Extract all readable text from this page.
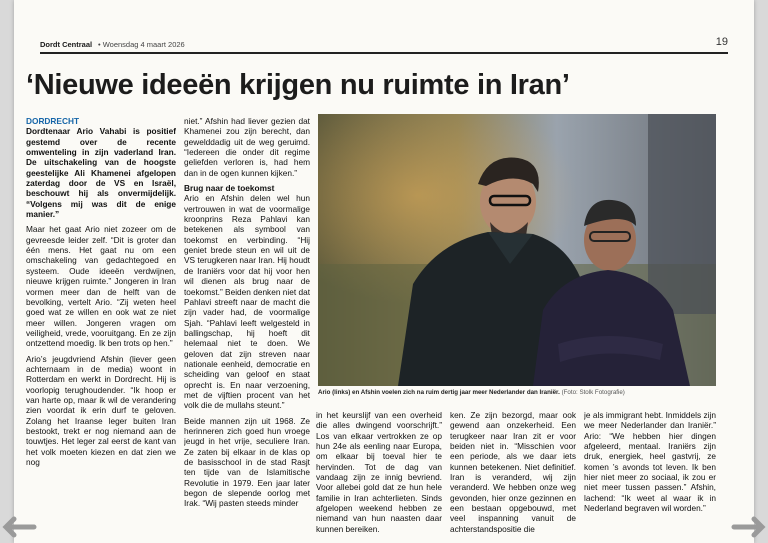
Dordt Centraal • Woensdag 4 maart 2026	19
‘Nieuwe ideeën krijgen nu ruimte in Iran’
DORDRECHT

Dordtenaar Ario Vahabi is positief gestemd over de recente omwenteling in zijn vaderland Iran. De uitschakeling van de hoogste geestelijke Ali Khamenei afgelopen zaterdag door de VS en Israël, beschouwt hij als onvermijdelijk. “Volgens mij was dit de enige manier.”

Maar het gaat Ario niet zozeer om de gevreesde leider zelf. “Dit is groter dan één mens. Het gaat nu om een omschakeling van gedachtegoed en systeem. Oude ideeën verdwijnen, nieuwe krijgen ruimte.” Jongeren in Iran vormen meer dan de helft van de bevolking, vertelt Ario. “Zij weten heel goed wat ze willen en ook wat ze niet meer willen. Jongeren vragen om veiligheid, vrede, vooruitgang. En ze zijn ontzettend moedig. Ik ben trots op hen.”

Ario’s jeugdvriend Afshin (liever geen achternaam in de media) woont in Rotterdam en werkt in Dordrecht. Hij is voorlopig terughoudender. “Ik hoop er van harte op, maar ik wil de verandering zien voordat ik erin durf te geloven. Zolang het Iraanse leger buiten Iran bestookt, trekt er nog niemand aan de touwtjes. Het leger zal eerst de kant van het volk moeten kiezen en dat zien we nog

niet.” Afshin had liever gezien dat Khamenei zou zijn berecht, dan gewelddadig uit de weg geruimd. “Iedereen die onder dit regime geliefden verloren is, had hem dan in de ogen kunnen kijken.”

Brug naar de toekomst

Ario en Afshin delen wel hun vertrouwen in wat de voormalige kroonprins Reza Pahlavi kan betekenen als symbool van toekomst en verbinding. “Hij geniet brede steun en wil uit de VS terugkeren naar Iran. Hij houdt de Iraniërs voor dat hij voor hen wil dienen als brug naar de toekomst.” Beiden denken niet dat Pahlavi streeft naar de macht die zijn vader had, de voormalige Sjah. “Pahlavi leeft welgesteld in ballingschap, hij hoeft dit helemaal niet te doen. We geloven dat zijn streven naar nationale eenheid, democratie en scheiding van geloof en staat oprecht is. En naar verzoening, met de vijftien procent van het volk die de mullahs steunt.”

Beide mannen zijn uit 1968. Ze herinneren zich goed hun vroege jeugd in het vrije, seculiere Iran. Ze zaten bij elkaar in de klas op de basisschool in de stad Rasjt ten tijde van de Islamitische Revolutie in 1979. Een jaar later begon de slepende oorlog met Irak. “Wij pasten steeds minder

Ario (links) en Afshin voelen zich na ruim dertig jaar meer Nederlander dan Iraniër. (Foto: Stolk Fotografie)

in het keurslijf van een overheid die alles dwingend voorschrijft.” Los van elkaar vertrokken ze op hun 24e als eenling naar Europa, om elkaar bij toeval hier te hervinden. Tot de dag van vandaag zijn ze innig bevriend. Voor allebei gold dat ze hun hele familie in Iran achterlieten. Sinds afgelopen weekend hebben ze niemand van hun naasten daar kunnen bereiken.

ken. Ze zijn bezorgd, maar ook gewend aan onzekerheid. Een terugkeer naar Iran zit er voor beiden niet in. “Misschien voor een periode, als we daar iets kunnen betekenen. Niet definitief. Iran is veranderd, wij zijn veranderd. We hebben onze weg gevonden, hier onze gezinnen en een bestaan opgebouwd, met veel inspanning vanuit de achterstandspositie die

je als immigrant hebt. Inmiddels zijn we meer Nederlander dan Iraniër.” Ario: “We hebben hier dingen afgeleerd, mentaal. Iraniërs zijn druk, energiek, heel gastvrij, ze komen ’s avonds tot leven. Ik ben hier niet meer zo sociaal, ik zou er niet meer tussen passen.” Afshin, lachend: “Ik weet al waar ik in Nederland begraven wil worden.”
